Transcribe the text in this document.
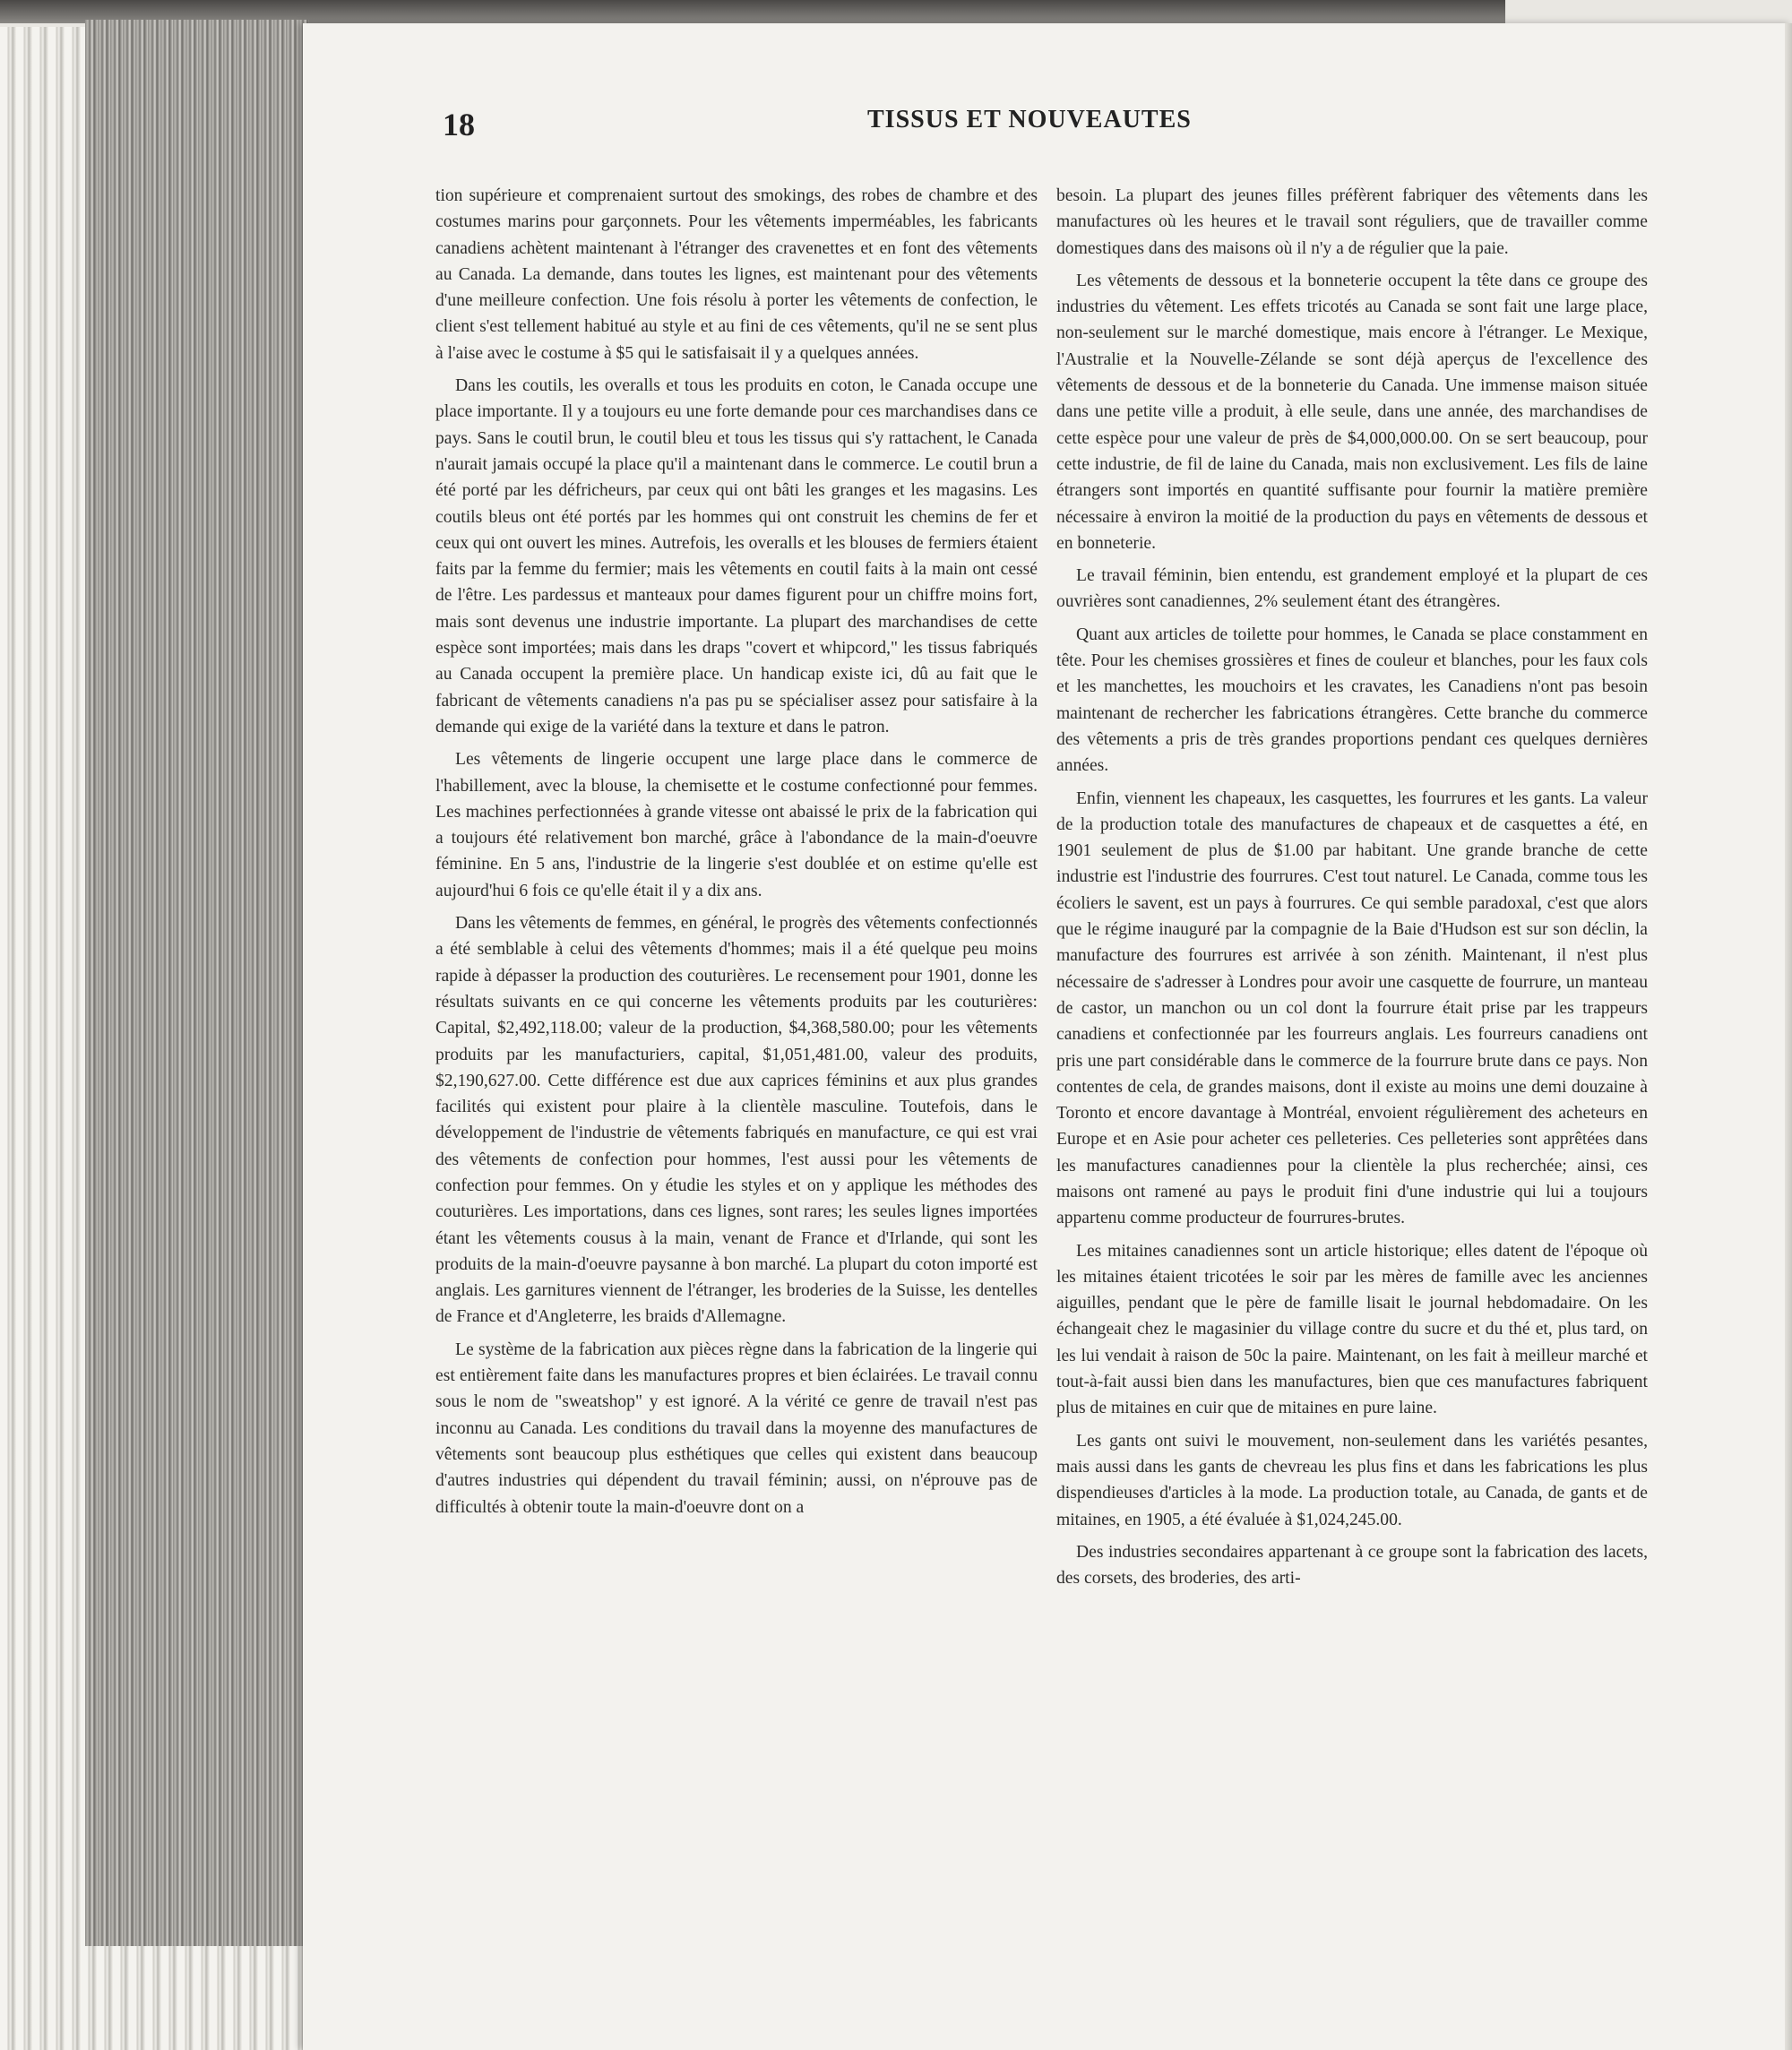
18	TISSUS ET NOUVEAUTES

tion supérieure et comprenaient surtout des smokings, des robes de chambre et des costumes marins pour garçonnets. Pour les vêtements imperméables, les fabricants canadiens achètent maintenant à l'étranger des cravenettes et en font des vêtements au Canada. La demande, dans toutes les lignes, est maintenant pour des vêtements d'une meilleure confection. Une fois résolu à porter les vêtements de confection, le client s'est tellement habitué au style et au fini de ces vêtements, qu'il ne se sent plus à l'aise avec le costume à $5 qui le satisfaisait il y a quelques années.

Dans les coutils, les overalls et tous les produits en coton, le Canada occupe une place importante. Il y a toujours eu une forte demande pour ces marchandises dans ce pays. Sans le coutil brun, le coutil bleu et tous les tissus qui s'y rattachent, le Canada n'aurait jamais occupé la place qu'il a maintenant dans le commerce. Le coutil brun a été porté par les défricheurs, par ceux qui ont bâti les granges et les magasins. Les coutils bleus ont été portés par les hommes qui ont construit les chemins de fer et ceux qui ont ouvert les mines. Autrefois, les overalls et les blouses de fermiers étaient faits par la femme du fermier; mais les vêtements en coutil faits à la main ont cessé de l'être. Les pardessus et manteaux pour dames figurent pour un chiffre moins fort, mais sont devenus une industrie importante. La plupart des marchandises de cette espèce sont importées; mais dans les draps "covert et whipcord," les tissus fabriqués au Canada occupent la première place. Un handicap existe ici, dû au fait que le fabricant de vêtements canadiens n'a pas pu se spécialiser assez pour satisfaire à la demande qui exige de la variété dans la texture et dans le patron.

Les vêtements de lingerie occupent une large place dans le commerce de l'habillement, avec la blouse, la chemisette et le costume confectionné pour femmes. Les machines perfectionnées à grande vitesse ont abaissé le prix de la fabrication qui a toujours été relativement bon marché, grâce à l'abondance de la main-d'oeuvre féminine. En 5 ans, l'industrie de la lingerie s'est doublée et on estime qu'elle est aujourd'hui 6 fois ce qu'elle était il y a dix ans.

Dans les vêtements de femmes, en général, le progrès des vêtements confectionnés a été semblable à celui des vêtements d'hommes; mais il a été quelque peu moins rapide à dépasser la production des couturières. Le recensement pour 1901, donne les résultats suivants en ce qui concerne les vêtements produits par les couturières: Capital, $2,492,118.00; valeur de la production, $4,368,580.00; pour les vêtements produits par les manufacturiers, capital, $1,051,481.00, valeur des produits, $2,190,627.00. Cette différence est due aux caprices féminins et aux plus grandes facilités qui existent pour plaire à la clientèle masculine. Toutefois, dans le développement de l'industrie de vêtements fabriqués en manufacture, ce qui est vrai des vêtements de confection pour hommes, l'est aussi pour les vêtements de confection pour femmes. On y étudie les styles et on y applique les méthodes des couturières. Les importations, dans ces lignes, sont rares; les seules lignes importées étant les vêtements cousus à la main, venant de France et d'Irlande, qui sont les produits de la main-d'oeuvre paysanne à bon marché. La plupart du coton importé est anglais. Les garnitures viennent de l'étranger, les broderies de la Suisse, les dentelles de France et d'Angleterre, les braids d'Allemagne.

Le système de la fabrication aux pièces règne dans la fabrication de la lingerie qui est entièrement faite dans les manufactures propres et bien éclairées. Le travail connu sous le nom de "sweatshop" y est ignoré. A la vérité ce genre de travail n'est pas inconnu au Canada. Les conditions du travail dans la moyenne des manufactures de vêtements sont beaucoup plus esthétiques que celles qui existent dans beaucoup d'autres industries qui dépendent du travail féminin; aussi, on n'éprouve pas de difficultés à obtenir toute la main-d'oeuvre dont on a

besoin. La plupart des jeunes filles préfèrent fabriquer des vêtements dans les manufactures où les heures et le travail sont réguliers, que de travailler comme domestiques dans des maisons où il n'y a de régulier que la paie.

Les vêtements de dessous et la bonneterie occupent la tête dans ce groupe des industries du vêtement. Les effets tricotés au Canada se sont fait une large place, non-seulement sur le marché domestique, mais encore à l'étranger. Le Mexique, l'Australie et la Nouvelle-Zélande se sont déjà aperçus de l'excellence des vêtements de dessous et de la bonneterie du Canada. Une immense maison située dans une petite ville a produit, à elle seule, dans une année, des marchandises de cette espèce pour une valeur de près de $4,000,000.00. On se sert beaucoup, pour cette industrie, de fil de laine du Canada, mais non exclusivement. Les fils de laine étrangers sont importés en quantité suffisante pour fournir la matière première nécessaire à environ la moitié de la production du pays en vêtements de dessous et en bonneterie.

Le travail féminin, bien entendu, est grandement employé et la plupart de ces ouvrières sont canadiennes, 2% seulement étant des étrangères.

Quant aux articles de toilette pour hommes, le Canada se place constamment en tête. Pour les chemises grossières et fines de couleur et blanches, pour les faux cols et les manchettes, les mouchoirs et les cravates, les Canadiens n'ont pas besoin maintenant de rechercher les fabrications étrangères. Cette branche du commerce des vêtements a pris de très grandes proportions pendant ces quelques dernières années.

Enfin, viennent les chapeaux, les casquettes, les fourrures et les gants. La valeur de la production totale des manufactures de chapeaux et de casquettes a été, en 1901 seulement de plus de $1.00 par habitant. Une grande branche de cette industrie est l'industrie des fourrures. C'est tout naturel. Le Canada, comme tous les écoliers le savent, est un pays à fourrures. Ce qui semble paradoxal, c'est que alors que le régime inauguré par la compagnie de la Baie d'Hudson est sur son déclin, la manufacture des fourrures est arrivée à son zénith. Maintenant, il n'est plus nécessaire de s'adresser à Londres pour avoir une casquette de fourrure, un manteau de castor, un manchon ou un col dont la fourrure était prise par les trappeurs canadiens et confectionnée par les fourreurs anglais. Les fourreurs canadiens ont pris une part considérable dans le commerce de la fourrure brute dans ce pays. Non contentes de cela, de grandes maisons, dont il existe au moins une demi douzaine à Toronto et encore davantage à Montréal, envoient régulièrement des acheteurs en Europe et en Asie pour acheter ces pelleteries. Ces pelleteries sont apprêtées dans les manufactures canadiennes pour la clientèle la plus recherchée; ainsi, ces maisons ont ramené au pays le produit fini d'une industrie qui lui a toujours appartenu comme producteur de fourrures-brutes.

Les mitaines canadiennes sont un article historique; elles datent de l'époque où les mitaines étaient tricotées le soir par les mères de famille avec les anciennes aiguilles, pendant que le père de famille lisait le journal hebdomadaire. On les échangeait chez le magasinier du village contre du sucre et du thé et, plus tard, on les lui vendait à raison de 50c la paire. Maintenant, on les fait à meilleur marché et tout-à-fait aussi bien dans les manufactures, bien que ces manufactures fabriquent plus de mitaines en cuir que de mitaines en pure laine.

Les gants ont suivi le mouvement, non-seulement dans les variétés pesantes, mais aussi dans les gants de chevreau les plus fins et dans les fabrications les plus dispendieuses d'articles à la mode. La production totale, au Canada, de gants et de mitaines, en 1905, a été évaluée à $1,024,245.00.

Des industries secondaires appartenant à ce groupe sont la fabrication des lacets, des corsets, des broderies, des arti-
